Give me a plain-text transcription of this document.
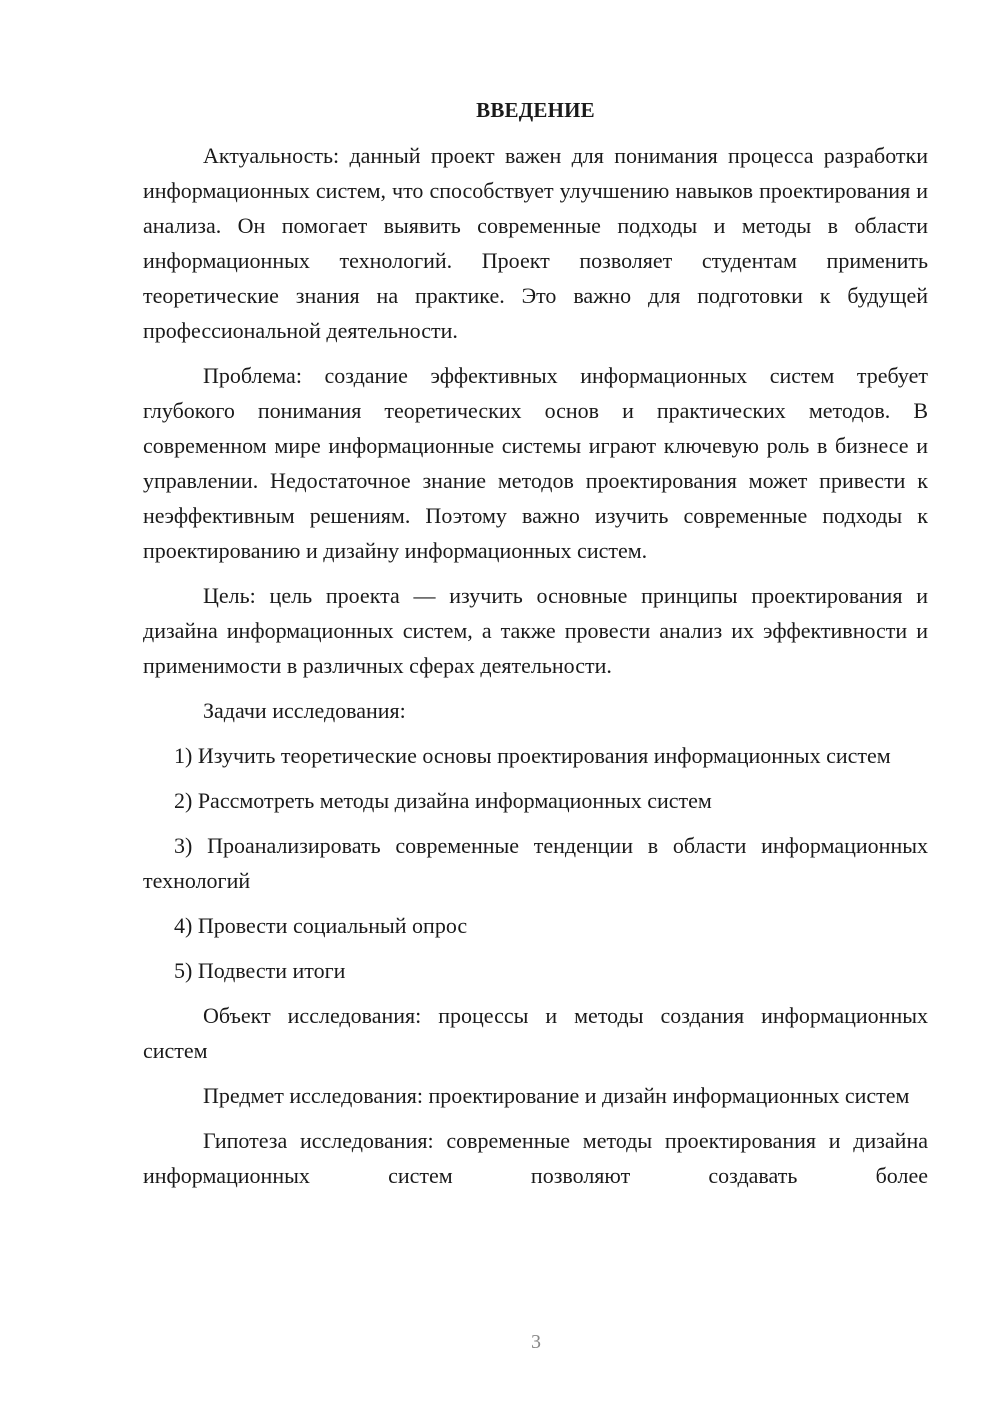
ВВЕДЕНИЕ

Актуальность: данный проект важен для понимания процесса разработки информационных систем, что способствует улучшению навыков проектирования и анализа. Он помогает выявить современные подходы и методы в области информационных технологий. Проект позволяет студентам применить теоретические знания на практике. Это важно для подготовки к будущей профессиональной деятельности.

Проблема: создание эффективных информационных систем требует глубокого понимания теоретических основ и практических методов. В современном мире информационные системы играют ключевую роль в бизнесе и управлении. Недостаточное знание методов проектирования может привести к неэффективным решениям. Поэтому важно изучить современные подходы к проектированию и дизайну информационных систем.

Цель: цель проекта — изучить основные принципы проектирования и дизайна информационных систем, а также провести анализ их эффективности и применимости в различных сферах деятельности.

Задачи исследования:

1) Изучить теоретические основы проектирования информационных систем

2) Рассмотреть методы дизайна информационных систем

3) Проанализировать современные тенденции в области информационных технологий

4) Провести социальный опрос

5) Подвести итоги

Объект исследования: процессы и методы создания информационных систем

Предмет исследования: проектирование и дизайн информационных систем

Гипотеза исследования: современные методы проектирования и дизайна информационных систем позволяют создавать более

3
